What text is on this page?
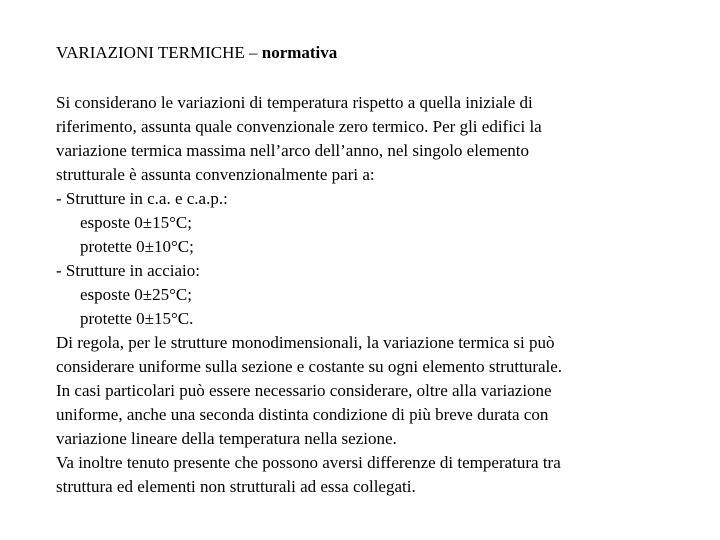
VARIAZIONI TERMICHE – normativa
Si considerano le variazioni di temperatura rispetto a quella iniziale di
riferimento, assunta quale convenzionale zero termico. Per gli edifici la
variazione termica massima nell’arco dell’anno, nel singolo elemento
strutturale è assunta convenzionalmente pari a:
- Strutture in c.a. e c.a.p.:
esposte 0±15°C;
protette 0±10°C;
- Strutture in acciaio:
esposte 0±25°C;
protette 0±15°C.
Di regola, per le strutture monodimensionali, la variazione termica si può
considerare uniforme sulla sezione e costante su ogni elemento strutturale.
In casi particolari può essere necessario considerare, oltre alla variazione
uniforme, anche una seconda distinta condizione di più breve durata con
variazione lineare della temperatura nella sezione.
Va inoltre tenuto presente che possono aversi differenze di temperatura tra
struttura ed elementi non strutturali ad essa collegati.
